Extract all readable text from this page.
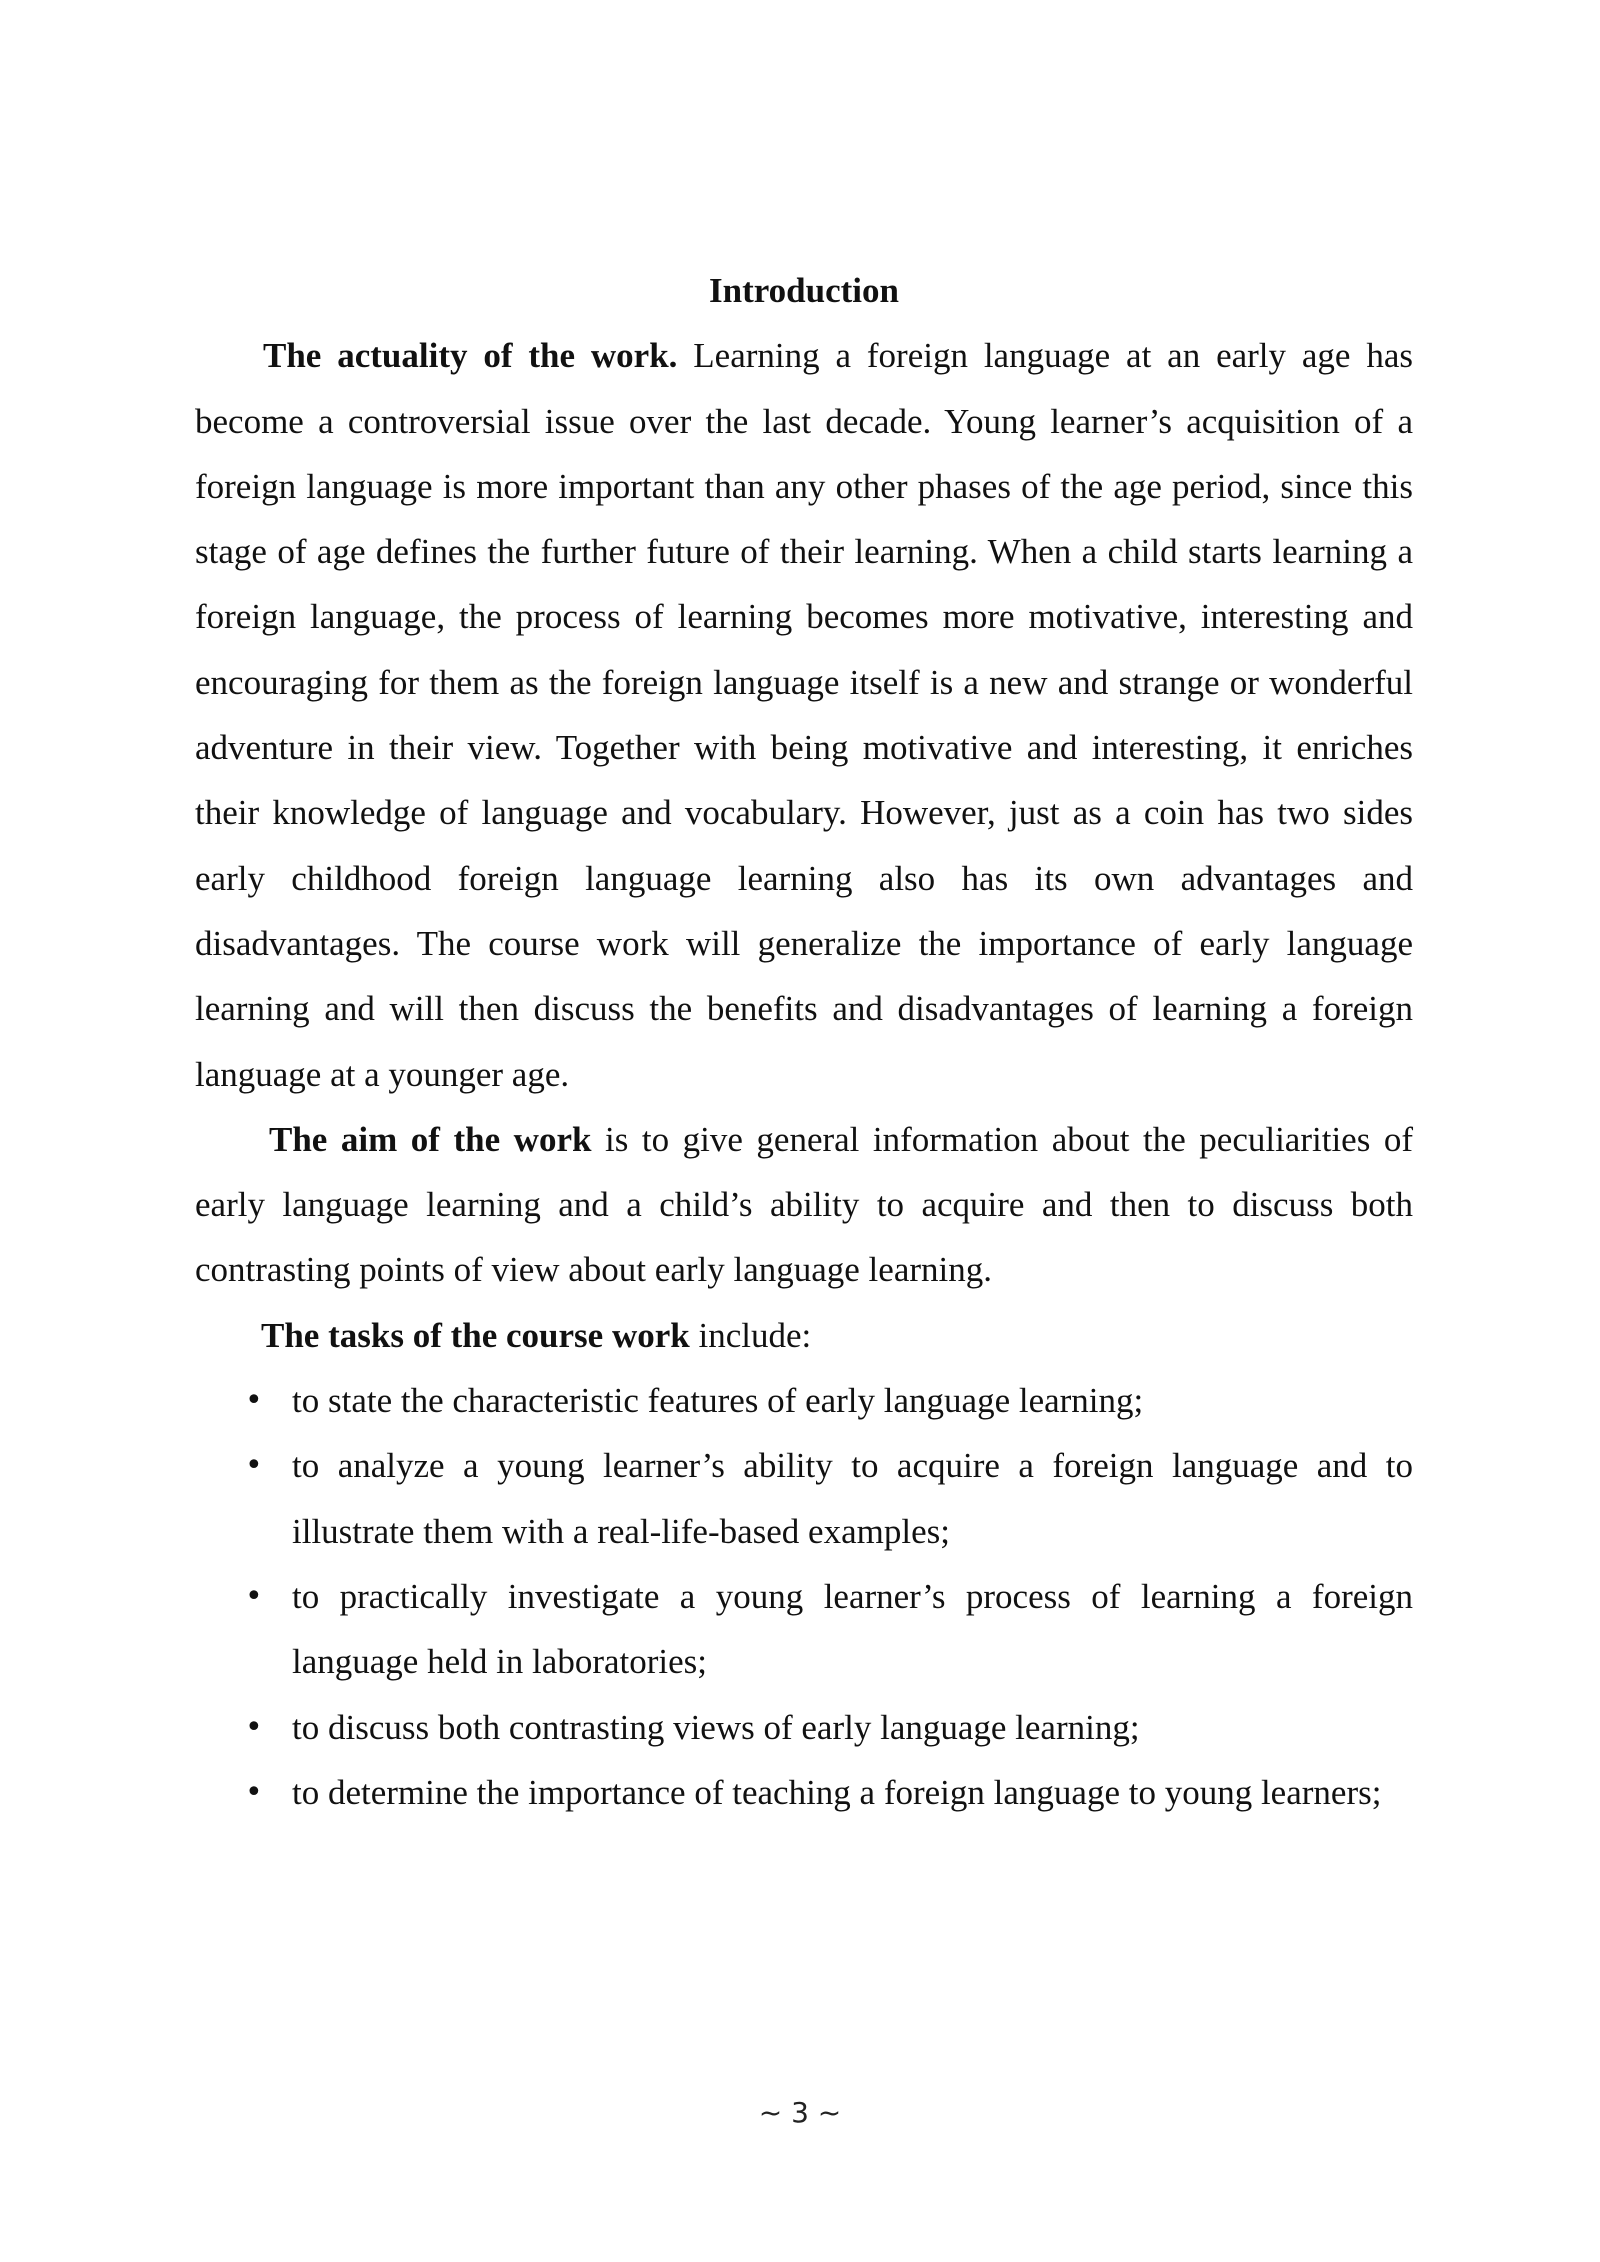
Introduction

The actuality of the work. Learning a foreign language at an early age has become a controversial issue over the last decade. Young learner’s acquisition of a foreign language is more important than any other phases of the age period, since this stage of age defines the further future of their learning. When a child starts learning a foreign language, the process of learning becomes more motivative, interesting and encouraging for them as the foreign language itself is a new and strange or wonderful adventure in their view. Together with being motivative and interesting, it enriches their knowledge of language and vocabulary. However, just as a coin has two sides early childhood foreign language learning also has its own advantages and disadvantages. The course work will generalize the importance of early language learning and will then discuss the benefits and disadvantages of learning a foreign language at a younger age.

The aim of the work is to give general information about the peculiarities of early language learning and a child’s ability to acquire and then to discuss both contrasting points of view about early language learning.

The tasks of the course work include:

• to state the characteristic features of early language learning;
• to analyze a young learner’s ability to acquire a foreign language and to illustrate them with a real-life-based examples;
• to practically investigate a young learner’s process of learning a foreign language held in laboratories;
• to discuss both contrasting views of early language learning;
• to determine the importance of teaching a foreign language to young learners;
~ 3 ~
